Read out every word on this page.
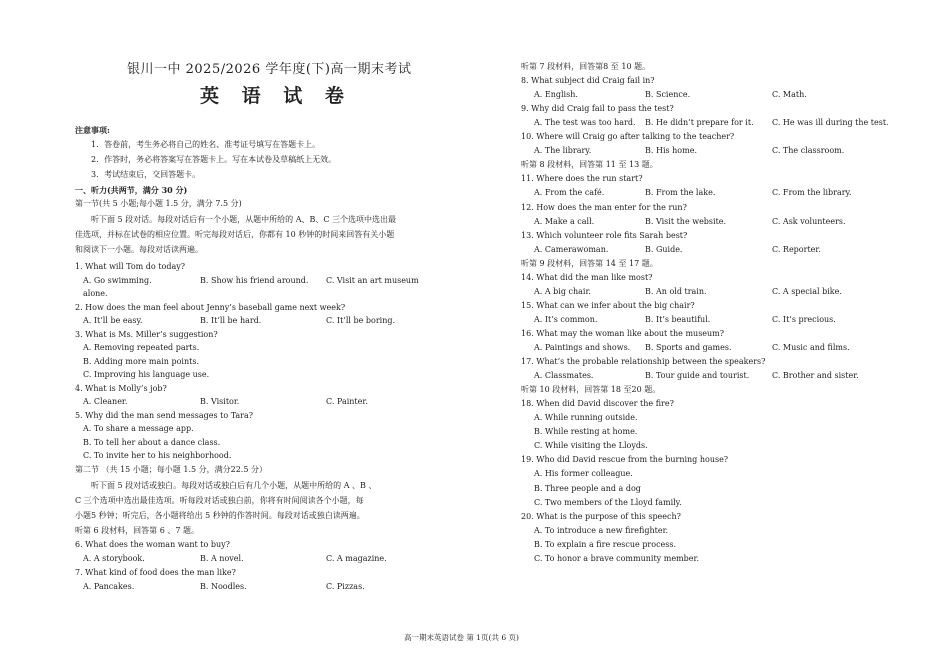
银川一中 2025/2026 学年度(下)高一期末考试
英 语 试 卷
注意事项:
1．答卷前，考生务必将自己的姓名、准考证号填写在答题卡上。
2．作答时，务必将答案写在答题卡上。写在本试卷及草稿纸上无效。
3．考试结束后，交回答题卡。
一、听力(共两节，满分 30 分)
第一节(共 5 小题;每小题 1.5 分，满分 7.5 分)
听下面 5 段对话。每段对话后有一个小题，从题中所给的 A、B、C 三个选项中选出最
佳选项，并标在试卷的相应位置。听完每段对话后，你都有 10 秒钟的时间来回答有关小题
和阅读下一小题。每段对话读两遍。
1. What will Tom do today?
A. Go swimming.	B. Show his friend around. C. Visit an art museum
alone.
2. How does the man feel about Jenny’s baseball game next week?
A. It’ll be easy.	B. It’ll be hard.	C. It’ll be boring.
3. What is Ms. Miller’s suggestion?
A. Removing repeated parts.
B. Adding more main points.
C. Improving his language use.
4. What is Molly’s job?
A. Cleaner.	B. Visitor.	C. Painter.
5. Why did the man send messages to Tara?
A. To share a message app.
B. To tell her about a dance class.
C. To invite her to his neighborhood.
第二节 （共 15 小题；每小题 1.5 分，满分22.5 分）
听下面 5 段对话或独白。每段对话或独白后有几个小题，从题中所给的 A 、B 、
C 三个选项中选出最佳选项。听每段对话或独白前，你将有时间阅读各个小题，每
小题5 秒钟；听完后，各小题将给出 5 秒钟的作答时间。每段对话或独白读两遍。
听第 6 段材料，回答第 6 、7 题。
6. What does the woman want to buy?
A. A storybook.	B. A novel.	C. A magazine.
7. What kind of food does the man like?
A. Pancakes.	B. Noodles.	C. Pizzas.
听第 7 段材料，回答第8 至 10 题。
8. What subject did Craig fail in?
A. English.	B. Science.	C. Math.
9. Why did Craig fail to pass the test?
A. The test was too hard. B. He didn’t prepare for it. C. He was ill during the test.
10. Where will Craig go after talking to the teacher?
A. The library.	B. His home.	C. The classroom.
听第 8 段材料，回答第 11 至 13 题。
11. Where does the run start?
A. From the café.	B. From the lake.	C. From the library.
12. How does the man enter for the run?
A. Make a call.	B. Visit the website.	C. Ask volunteers.
13. Which volunteer role fits Sarah best?
A. Camerawoman.	B. Guide.	C. Reporter.
听第 9 段材料，回答第 14 至 17 题。
14. What did the man like most?
A. A big chair.	B. An old train.	C. A special bike.
15. What can we infer about the big chair?
A. It’s common.	B. It’s beautiful.	C. It’s precious.
16. What may the woman like about the museum?
A. Paintings and shows. B. Sports and games.	C. Music and films.
17. What’s the probable relationship between the speakers?
A. Classmates.	B. Tour guide and tourist.	C. Brother and sister.
听第 10 段材料，回答第 18 至20 题。
18. When did David discover the fire?
A. While running outside.
B. While resting at home.
C. While visiting the Lloyds.
19. Who did David rescue from the burning house?
A. His former colleague.
B. Three people and a dog
C. Two members of the Lloyd family.
20. What is the purpose of this speech?
A. To introduce a new firefighter.
B. To explain a fire rescue process.
C. To honor a brave community member.
高一期末英语试卷 第 1页(共 6 页)
